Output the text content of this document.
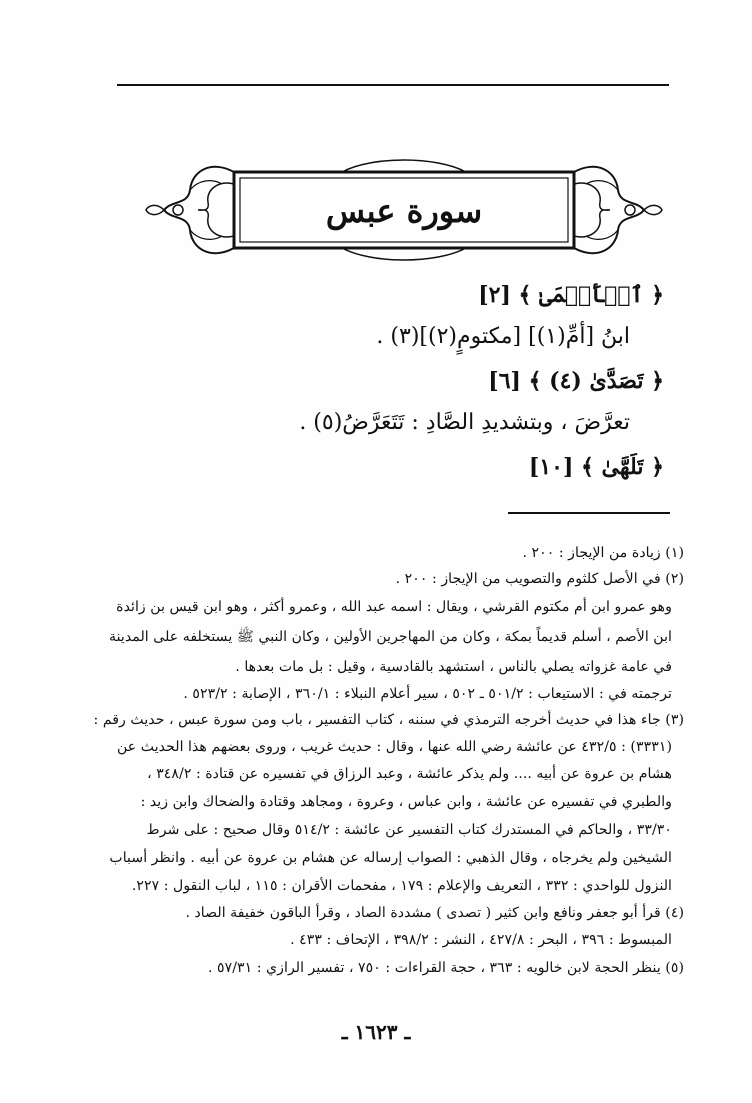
سورة عبس
﴿ ٱلۡأَعۡمَىٰ ﴾ [٢]
ابنُ [أمِّ(١)] [مكتومٍ(٢)](٣) .
﴿ تَصَدَّىٰ (٤) ﴾ [٦]
تعرَّضَ ، وبتشديدِ الصَّادِ : تَتَعَرَّضُ(٥) .
﴿ تَلَهَّىٰ ﴾ [١٠]
(١) زيادة من الإيجاز : ٢٠٠ .
(٢) في الأصل كلثوم والتصويب من الإيجاز : ٢٠٠ .
وهو عمرو ابن أم مكتوم القرشي ، ويقال : اسمه عبد الله ، وعمرو أكثر ، وهو ابن قيس بن زائدة
ابن الأصم ، أسلم قديماً بمكة ، وكان من المهاجرين الأولين ، وكان النبي ﷺ يستخلفه على المدينة
في عامة غزواته يصلي بالناس ، استشهد بالقادسية ، وقيل : بل مات بعدها .
ترجمته في : الاستيعاب : ٥٠١/٢ ـ ٥٠٢ ، سير أعلام النبلاء : ٣٦٠/١ ، الإصابة : ٥٢٣/٢ .
(٣) جاء هذا في حديث أخرجه الترمذي في سننه ، كتاب التفسير ، باب ومن سورة عبس ، حديث رقم :
(٣٣٣١) : ٤٣٢/٥ عن عائشة رضي الله عنها ، وقال : حديث غريب ، وروى بعضهم هذا الحديث عن
هشام بن عروة عن أبيه .... ولم يذكر عائشة ، وعبد الرزاق في تفسيره عن قتادة : ٣٤٨/٢ ،
والطبري في تفسيره عن عائشة ، وابن عباس ، وعروة ، ومجاهد وقتادة والضحاك وابن زيد :
٣٣/٣٠ ، والحاكم في المستدرك كتاب التفسير عن عائشة : ٥١٤/٢ وقال صحيح : على شرط
الشيخين ولم يخرجاه ، وقال الذهبي : الصواب إرساله عن هشام بن عروة عن أبيه . وانظر أسباب
النزول للواحدي : ٣٣٢ ، التعريف والإعلام : ١٧٩ ، مفحمات الأقران : ١١٥ ، لباب النقول : ٢٢٧.
(٤) قرأ أبو جعفر ونافع وابن كثير ( تصدى ) مشددة الصاد ، وقرأ الباقون خفيفة الصاد .
المبسوط : ٣٩٦ ، البحر : ٤٢٧/٨ ، النشر : ٣٩٨/٢ ، الإتحاف : ٤٣٣ .
(٥) ينظر الحجة لابن خالويه : ٣٦٣ ، حجة القراءات : ٧٥٠ ، تفسير الرازي : ٥٧/٣١ .
ـ ١٦٢٣ ـ
